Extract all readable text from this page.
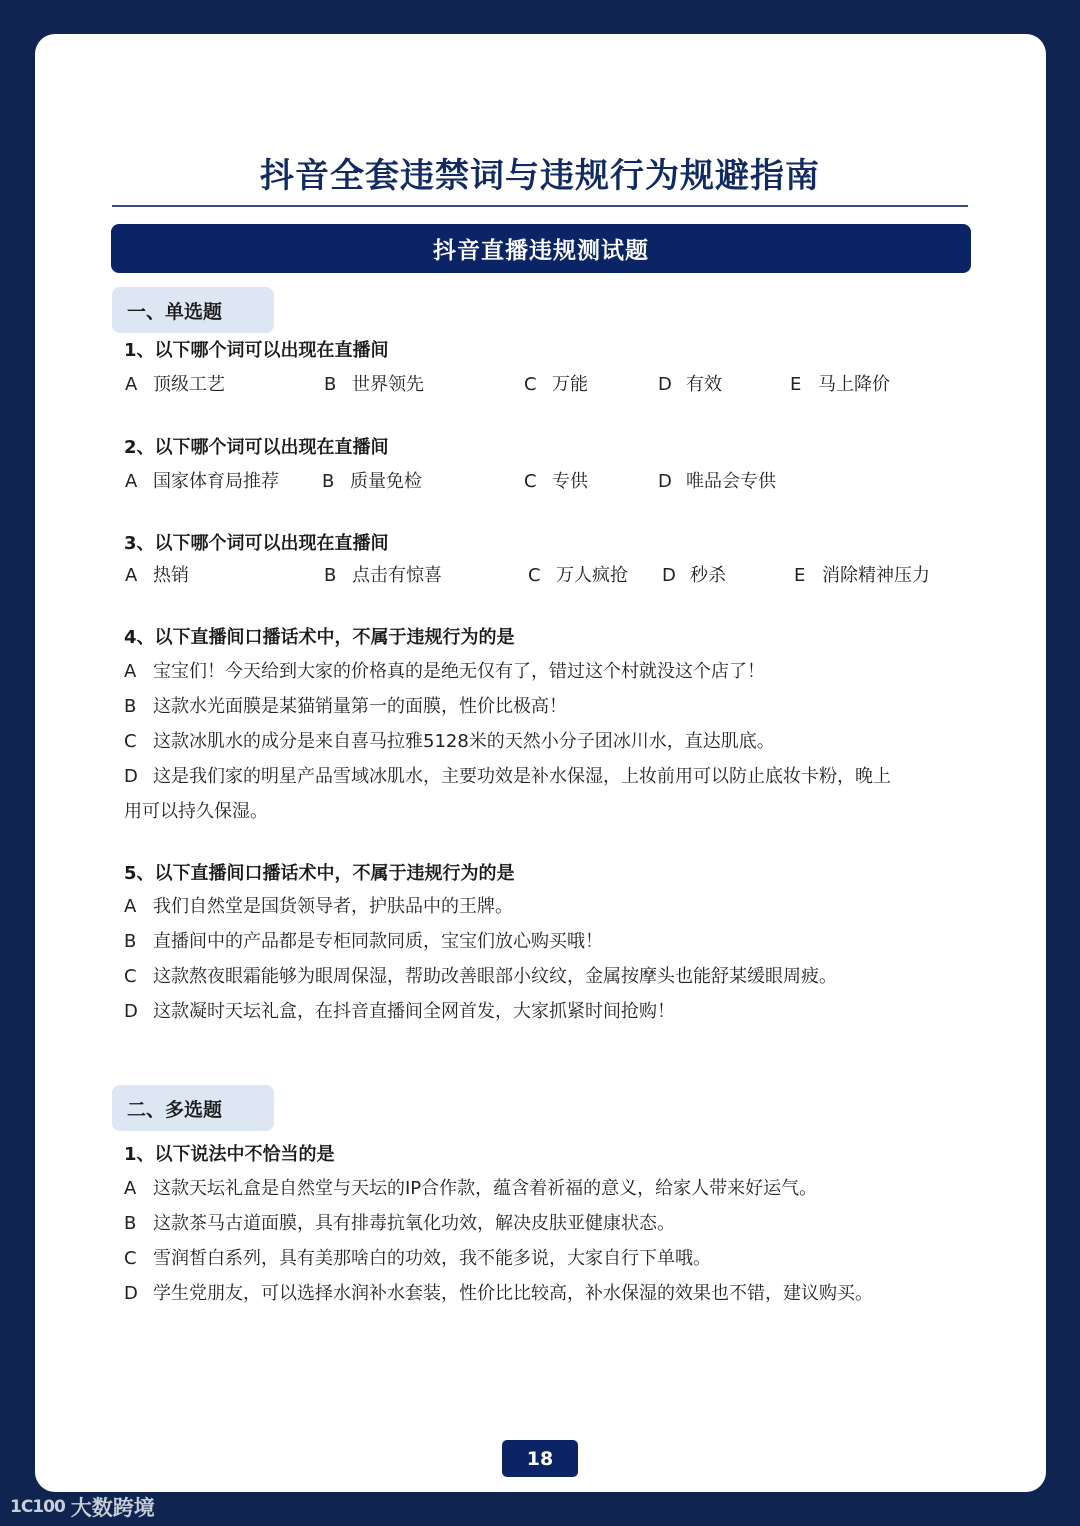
抖音全套违禁词与违规行为规避指南
抖音直播违规测试题
一、单选题
1、以下哪个词可以出现在直播间
A 顶级工艺	B 世界领先	C 万能	D 有效	E 马上降价
2、以下哪个词可以出现在直播间
A 国家体育局推荐 B 质量免检	C 专供	D 唯品会专供
3、以下哪个词可以出现在直播间
A 热销	B 点击有惊喜	C 万人疯抢 D 秒杀	E 消除精神压力
4、以下直播间口播话术中，不属于违规行为的是
A 宝宝们！今天给到大家的价格真的是绝无仅有了，错过这个村就没这个店了！
B 这款水光面膜是某猫销量第一的面膜，性价比极高！
C 这款冰肌水的成分是来自喜马拉雅5128米的天然小分子团冰川水，直达肌底。
D 这是我们家的明星产品雪域冰肌水，主要功效是补水保湿，上妆前用可以防止底妆卡粉，晚上
用可以持久保湿。
5、以下直播间口播话术中，不属于违规行为的是
A 我们自然堂是国货领导者，护肤品中的王牌。
B 直播间中的产品都是专柜同款同质，宝宝们放心购买哦！
C 这款熬夜眼霜能够为眼周保湿，帮助改善眼部小纹纹，金属按摩头也能舒某缓眼周疲。
D 这款凝时天坛礼盒，在抖音直播间全网首发，大家抓紧时间抢购！
二、多选题
1、以下说法中不恰当的是
A 这款天坛礼盒是自然堂与天坛的IP合作款，蕴含着祈福的意义，给家人带来好运气。
B 这款茶马古道面膜，具有排毒抗氧化功效，解决皮肤亚健康状态。
C 雪润皙白系列，具有美那啥白的功效，我不能多说，大家自行下单哦。
D 学生党朋友，可以选择水润补水套装，性价比比较高，补水保湿的效果也不错，建议购买。
18
1C100 大数跨境
